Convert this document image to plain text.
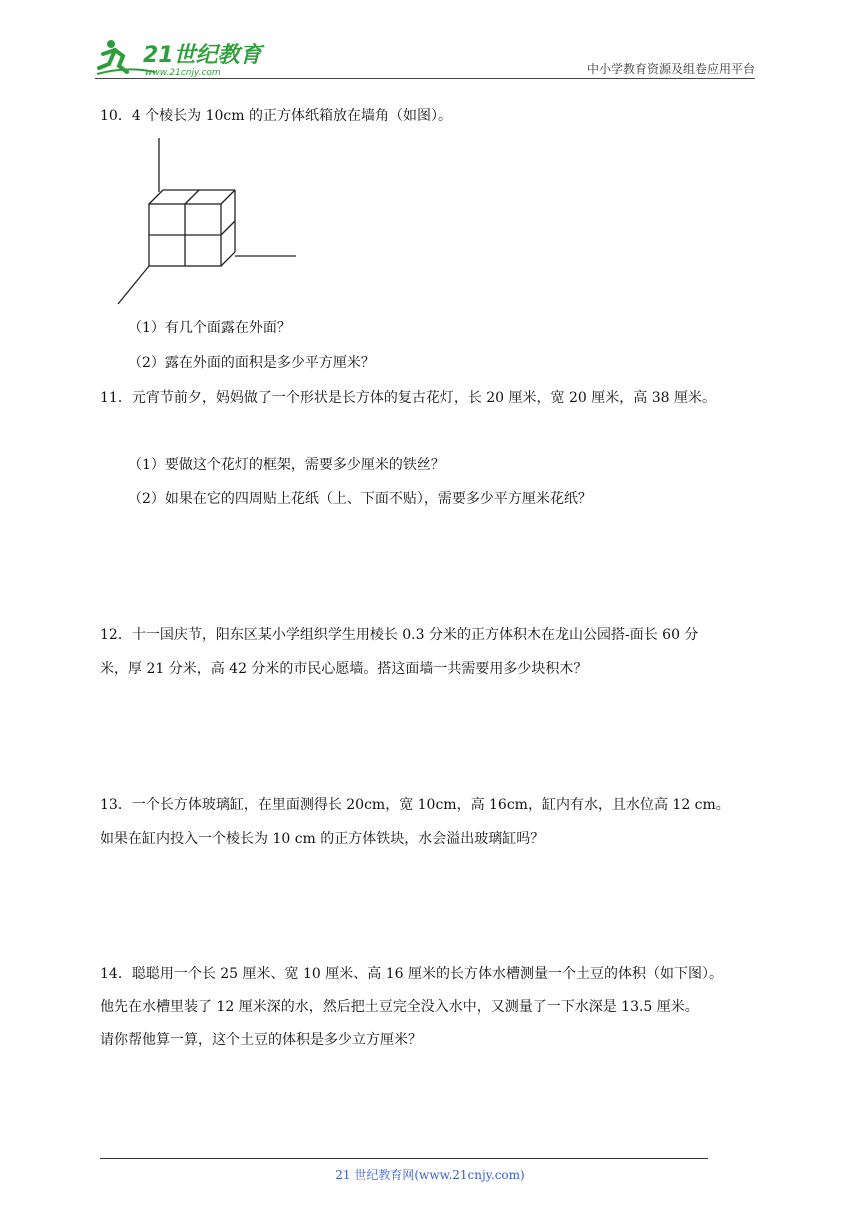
21世纪教育
www.21cnjy.com	中小学教育资源及组卷应用平台
10．4 个棱长为 10cm 的正方体纸箱放在墙角（如图）。
（1）有几个面露在外面？
（2）露在外面的面积是多少平方厘米？
11．元宵节前夕，妈妈做了一个形状是长方体的复古花灯，长 20 厘米，宽 20 厘米，高 38 厘米。
（1）要做这个花灯的框架，需要多少厘米的铁丝？
（2）如果在它的四周贴上花纸（上、下面不贴），需要多少平方厘米花纸？
12．十一国庆节，阳东区某小学组织学生用棱长 0.3 分米的正方体积木在龙山公园搭-面长 60 分
米，厚 21 分米，高 42 分米的市民心愿墙。搭这面墙一共需要用多少块积木？
13．一个长方体玻璃缸，在里面测得长 20cm，宽 10cm，高 16cm，缸内有水，且水位高 12 cm。
如果在缸内投入一个棱长为 10 cm 的正方体铁块，水会溢出玻璃缸吗？
14．聪聪用一个长 25 厘米、宽 10 厘米、高 16 厘米的长方体水槽测量一个土豆的体积（如下图）。
他先在水槽里装了 12 厘米深的水，然后把土豆完全没入水中，又测量了一下水深是 13.5 厘米。
请你帮他算一算，这个土豆的体积是多少立方厘米？
21 世纪教育网(www.21cnjy.com)
